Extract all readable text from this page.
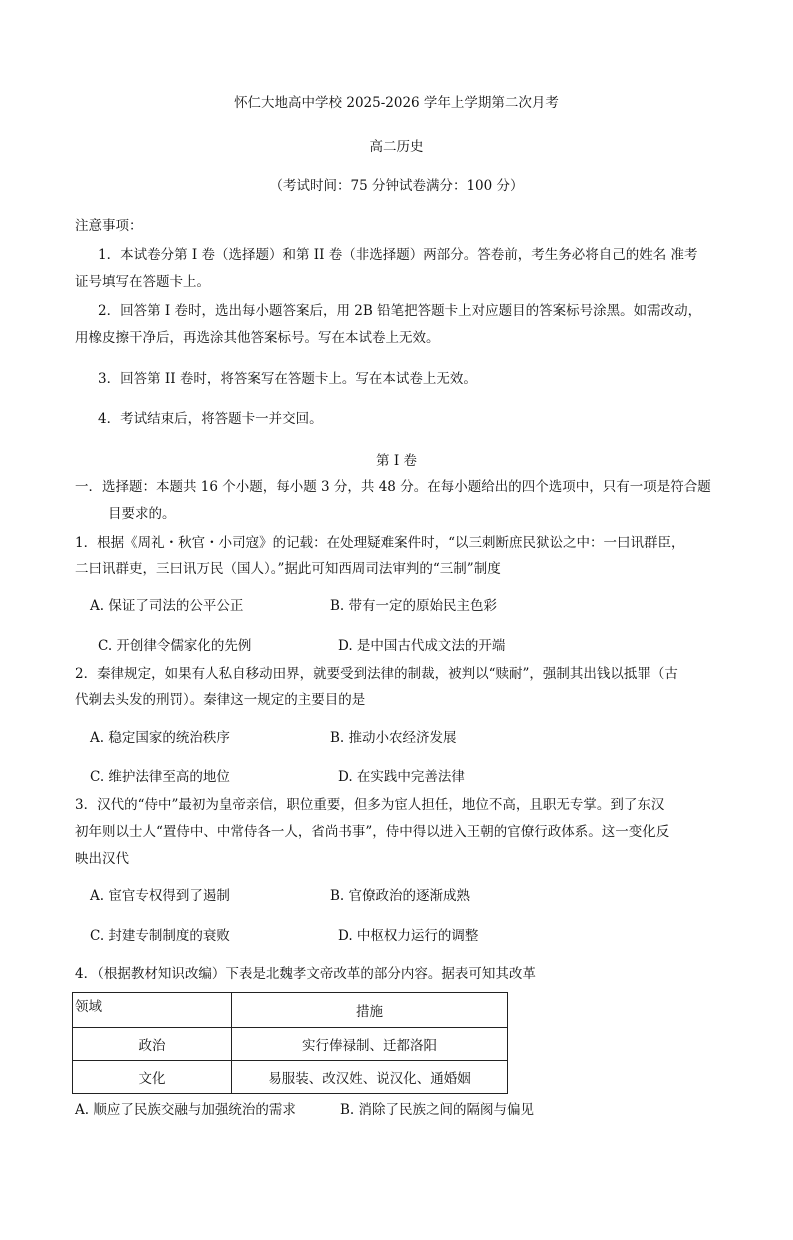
怀仁大地高中学校 2025-2026 学年上学期第二次月考
高二历史
（考试时间：75 分钟试卷满分：100 分）
注意事项：
1．本试卷分第 I 卷（选择题）和第 II 卷（非选择题）两部分。答卷前，考生务必将自己的姓名 准考
证号填写在答题卡上。
2．回答第 I 卷时，选出每小题答案后，用 2B 铅笔把答题卡上对应题目的答案标号涂黑。如需改动，
用橡皮擦干净后，再选涂其他答案标号。写在本试卷上无效。
3．回答第 II 卷时，将答案写在答题卡上。写在本试卷上无效。
4．考试结束后，将答题卡一并交回。
第 I 卷
一．选择题：本题共 16 个小题，每小题 3 分，共 48 分。在每小题给出的四个选项中，只有一项是符合题
目要求的。
1．根据《周礼・秋官・小司寇》的记载：在处理疑难案件时，“以三刺断庶民狱讼之中：一曰讯群臣，
二曰讯群吏，三曰讯万民（国人）。”据此可知西周司法审判的“三制”制度
A. 保证了司法的公平公正	B. 带有一定的原始民主色彩
C. 开创律令儒家化的先例	D. 是中国古代成文法的开端
2．秦律规定，如果有人私自移动田界，就要受到法律的制裁，被判以“赎耐”，强制其出钱以抵罪（古
代剃去头发的刑罚）。秦律这一规定的主要目的是
A. 稳定国家的统治秩序	B. 推动小农经济发展
C. 维护法律至高的地位	D. 在实践中完善法律
3．汉代的“侍中”最初为皇帝亲信，职位重要，但多为宦人担任，地位不高，且职无专掌。到了东汉
初年则以士人“置侍中、中常侍各一人，省尚书事”，侍中得以进入王朝的官僚行政体系。这一变化反
映出汉代
A. 宦官专权得到了遏制	B. 官僚政治的逐渐成熟
C. 封建专制制度的衰败	D. 中枢权力运行的调整
4．（根据教材知识改编）下表是北魏孝文帝改革的部分内容。据表可知其改革
领域	措施
政治	实行俸禄制、迁都洛阳
文化	易服装、改汉姓、说汉化、通婚姻
A. 顺应了民族交融与加强统治的需求	B. 消除了民族之间的隔阂与偏见
